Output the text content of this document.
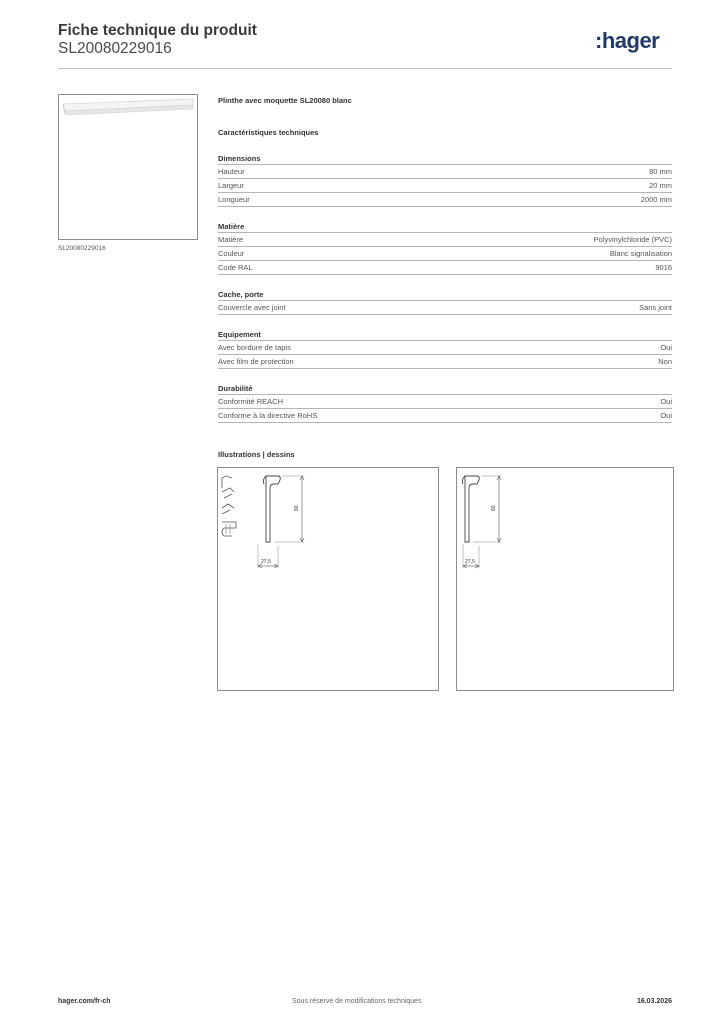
Fiche technique du produit
SL20080229016	:hager
SL20080229016
Plinthe avec moquette SL20080 blanc
Caractéristiques techniques
Dimensions
Hauteur	80 mm
Largeur	20 mm
Longueur	2000 mm
Matière
Matière	Polyvinylchloride (PVC)
Couleur	Blanc signalisation
Code RAL	9016
Cache, porte
Couvercle avec joint	Sans joint
Equipement
Avec bordure de tapis	Oui
Avec film de protection	Non
Durabilité
Conformité REACH	Oui
Conforme à la directive RoHS	Oui
Illustrations | dessins
80
27,5
80
27,5
hager.com/fr-ch	Sous réserve de modifications techniques	16.03.2026
